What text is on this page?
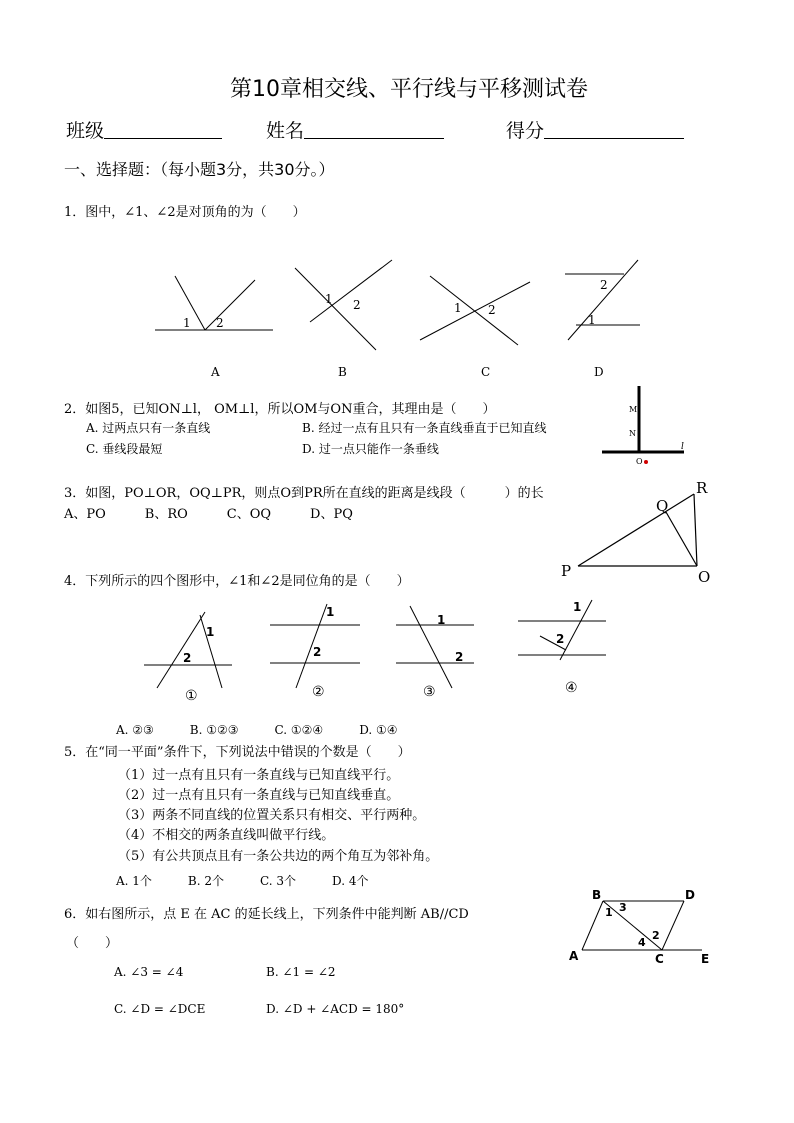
第10章相交线、平行线与平移测试卷
班级	姓名	得分
一、选择题：（每小题3分，共30分。）
1．图中，∠1、∠2是对顶角的为（　　）
1 2
1 2	1 2
2
1
A	B	C	D
2．如图5，已知ON⊥l， OM⊥l，所以OM与ON重合，其理由是（　　）
A. 过两点只有一条直线	B. 经过一点有且只有一条直线垂直于已知直线
C. 垂线段最短	D. 过一点只能作一条垂线
M
N
O
l
3．如图，PO⊥OR，OQ⊥PR，则点O到PR所在直线的距离是线段（　　　）的长
A、PO　　　B、RO　　　C、OQ　　　D、PQ
R
Q
P	O
4．下列所示的四个图形中，∠1和∠2是同位角的是（　　）
1
2
1
2
1
2
1
2
①	②	③	④
A. ②③　　　B. ①②③　　　C. ①②④　　　D. ①④
5．在“同一平面”条件下，下列说法中错误的个数是（　　）
（1）过一点有且只有一条直线与已知直线平行。
（2）过一点有且只有一条直线与已知直线垂直。
（3）两条不同直线的位置关系只有相交、平行两种。
（4）不相交的两条直线叫做平行线。
（5）有公共顶点且有一条公共边的两个角互为邻补角。
A. 1个　　　B. 2个　　　C. 3个　　　D. 4个
6．如右图所示，点 E 在 AC 的延长线上，下列条件中能判断 AB//CD
（　　）
A. ∠3 = ∠4	B. ∠1 = ∠2
C. ∠D = ∠DCE	D. ∠D + ∠ACD = 180°
B	D
A	C	E
1 3
2
4
